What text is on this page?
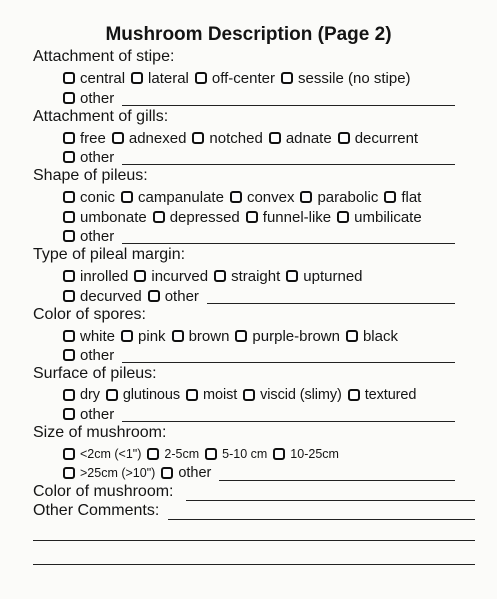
Mushroom Description (Page 2)
Attachment of stipe:
central lateral off-center sessile (no stipe)
other
Attachment of gills:
free adnexed notched adnate decurrent
other
Shape of pileus:
conic campanulate convex parabolic flat
umbonate depressed funnel-like umbilicate
other
Type of pileal margin:
inrolled incurved straight upturned
decurved other
Color of spores:
white pink brown purple-brown black
other
Surface of pileus:
dry glutinous moist viscid (slimy) textured
other
Size of mushroom:
<2cm (<1") 2-5cm 5-10 cm 10-25cm
>25cm (>10") other
Color of mushroom:
Other Comments:
